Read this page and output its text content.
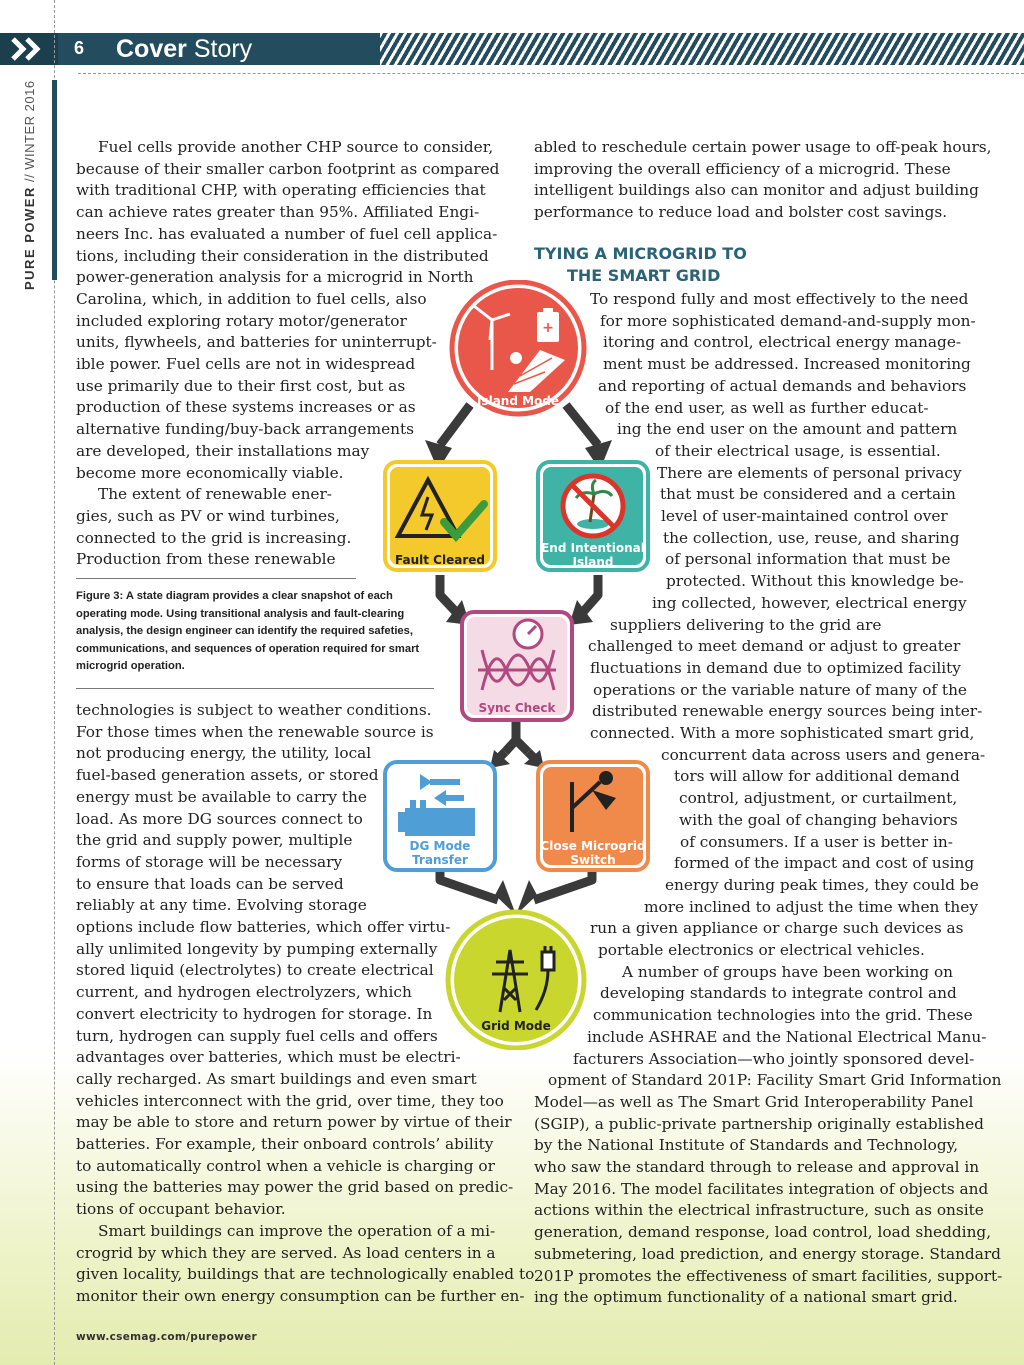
6 Cover Story
PURE POWER // WINTER 2016	Fuel cells provide another CHP source to consider,
because of their smaller carbon footprint as compared
with traditional CHP, with operating efficiencies that
can achieve rates greater than 95%. Affiliated Engi-
neers Inc. has evaluated a number of fuel cell applica-
tions, including their consideration in the distributed
power-generation analysis for a microgrid in North
Carolina, which, in addition to fuel cells, also
included exploring rotary motor/generator
units, flywheels, and batteries for uninterrupt-
ible power. Fuel cells are not in widespread
use primarily due to their first cost, but as
production of these systems increases or as
alternative funding/buy-back arrangements
are developed, their installations may
become more economically viable.
The extent of renewable ener-
gies, such as PV or wind turbines,
connected to the grid is increasing.
Production from these renewable
technologies is subject to weather conditions.
For those times when the renewable source is
not producing energy, the utility, local
fuel-based generation assets, or stored
energy must be available to carry the
load. As more DG sources connect to
the grid and supply power, multiple
forms of storage will be necessary
to ensure that loads can be served
reliably at any time. Evolving storage
options include flow batteries, which offer virtu-
ally unlimited longevity by pumping externally
stored liquid (electrolytes) to create electrical
current, and hydrogen electrolyzers, which
convert electricity to hydrogen for storage. In
turn, hydrogen can supply fuel cells and offers
advantages over batteries, which must be electri-
cally recharged. As smart buildings and even smart
vehicles interconnect with the grid, over time, they too
may be able to store and return power by virtue of their
batteries. For example, their onboard controls’ ability
to automatically control when a vehicle is charging or
using the batteries may power the grid based on predic-
tions of occupant behavior.
Smart buildings can improve the operation of a mi-
crogrid by which they are served. As load centers in a
given locality, buildings that are technologically enabled to
monitor their own energy consumption can be further en-
Figure 3: A state diagram provides a clear snapshot of each operating mode. Using transitional analysis and fault-clearing analysis, the design engineer can identify the required safeties, communications, and sequences of operation required for smart microgrid operation.
abled to reschedule certain power usage to off-peak hours,
improving the overall efficiency of a microgrid. These
intelligent buildings also can monitor and adjust building
performance to reduce load and bolster cost savings.
To respond fully and most effectively to the need
for more sophisticated demand-and-supply mon-
itoring and control, electrical energy manage-
ment must be addressed. Increased monitoring
and reporting of actual demands and behaviors
of the end user, as well as further educat-
ing the end user on the amount and pattern
of their electrical usage, is essential.
There are elements of personal privacy
that must be considered and a certain
level of user-maintained control over
the collection, use, reuse, and sharing
of personal information that must be
protected. Without this knowledge be-
ing collected, however, electrical energy
suppliers delivering to the grid are
challenged to meet demand or adjust to greater
fluctuations in demand due to optimized facility
operations or the variable nature of many of the
distributed renewable energy sources being inter-
connected. With a more sophisticated smart grid,
concurrent data across users and genera-
tors will allow for additional demand
control, adjustment, or curtailment,
with the goal of changing behaviors
of consumers. If a user is better in-
formed of the impact and cost of using
energy during peak times, they could be
more inclined to adjust the time when they
run a given appliance or charge such devices as
portable electronics or electrical vehicles.
A number of groups have been working on
developing standards to integrate control and
communication technologies into the grid. These
include ASHRAE and the National Electrical Manu-
facturers Association—who jointly sponsored devel-
opment of Standard 201P: Facility Smart Grid Information
Model—as well as The Smart Grid Interoperability Panel
(SGIP), a public-private partnership originally established
by the National Institute of Standards and Technology,
who saw the standard through to release and approval in
May 2016. The model facilitates integration of objects and
actions within the electrical infrastructure, such as onsite
generation, demand response, load control, load shedding,
submetering, load prediction, and energy storage. Standard
201P promotes the effectiveness of smart facilities, support-
ing the optimum functionality of a national smart grid.
TYING A MICROGRID TO
THE SMART GRID
+
Island Mode
Fault Cleared
End Intentional
Island
Sync Check
DG Mode
Transfer
Close Microgrid
Switch
Grid Mode
www.csemag.com/purepower
